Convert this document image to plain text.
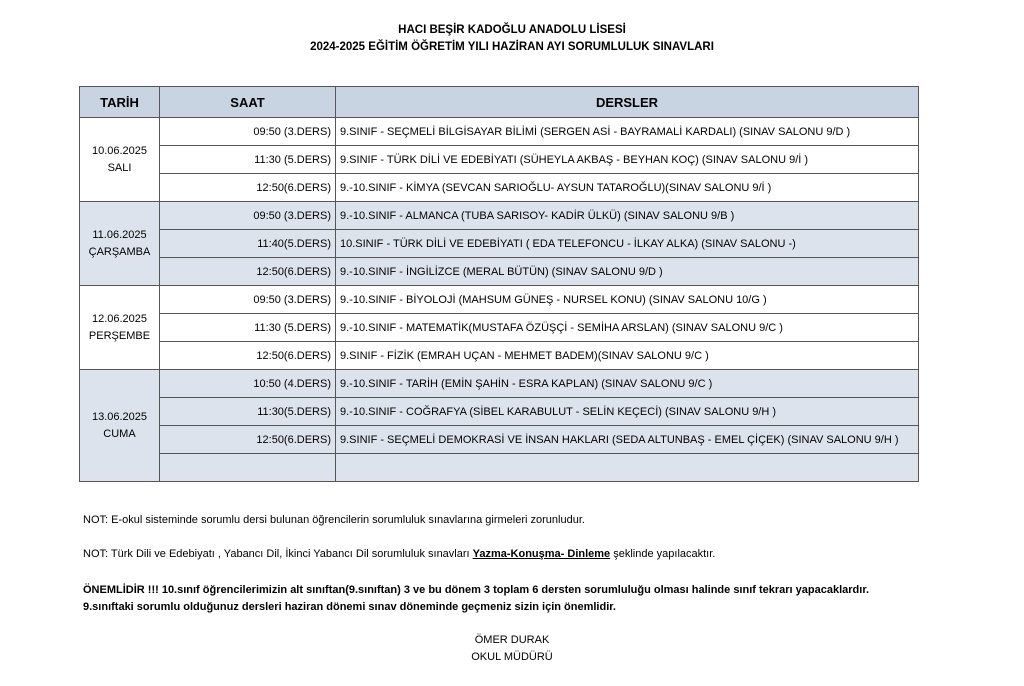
HACI BEŞİR KADOĞLU ANADOLU LİSESİ
2024-2025 EĞİTİM ÖĞRETİM YILI HAZİRAN AYI SORUMLULUK SINAVLARI
TARİH	SAAT	DERSLER
10.06.2025
SALI	09:50 (3.DERS)	9.SINIF - SEÇMELİ BİLGİSAYAR BİLİMİ (SERGEN ASİ - BAYRAMALİ KARDALI) (SINAV SALONU 9/D )
	11:30 (5.DERS)	9.SINIF - TÜRK DİLİ VE EDEBİYATI (SÜHEYLA AKBAŞ - BEYHAN KOÇ) (SINAV SALONU 9/İ )
	12:50(6.DERS)	9.-10.SINIF - KİMYA (SEVCAN SARIOĞLU- AYSUN TATAROĞLU)(SINAV SALONU 9/İ )
11.06.2025
ÇARŞAMBA	09:50 (3.DERS)	9.-10.SINIF - ALMANCA (TUBA SARISOY- KADİR ÜLKÜ) (SINAV SALONU 9/B )
	11:40(5.DERS)	10.SINIF - TÜRK DİLİ VE EDEBİYATI ( EDA TELEFONCU - İLKAY ALKA) (SINAV SALONU -)
	12:50(6.DERS)	9.-10.SINIF - İNGİLİZCE (MERAL BÜTÜN) (SINAV SALONU 9/D )
12.06.2025
PERŞEMBE	09:50 (3.DERS)	9.-10.SINIF - BİYOLOJİ (MAHSUM GÜNEŞ - NURSEL KONU) (SINAV SALONU 10/G )
	11:30 (5.DERS)	9.-10.SINIF - MATEMATİK(MUSTAFA ÖZÜŞÇİ - SEMİHA ARSLAN) (SINAV SALONU 9/C )
	12:50(6.DERS)	9.SINIF - FİZİK (EMRAH UÇAN - MEHMET BADEM)(SINAV SALONU 9/C )
13.06.2025
CUMA	10:50 (4.DERS)	9.-10.SINIF - TARİH (EMİN ŞAHİN - ESRA KAPLAN) (SINAV SALONU 9/C )
	11:30(5.DERS)	9.-10.SINIF - COĞRAFYA (SİBEL KARABULUT - SELİN KEÇECİ) (SINAV SALONU 9/H )
	12:50(6.DERS)	9.SINIF - SEÇMELİ DEMOKRASİ VE İNSAN HAKLARI (SEDA ALTUNBAŞ - EMEL ÇİÇEK) (SINAV SALONU 9/H )

NOT: E-okul sisteminde sorumlu dersi bulunan öğrencilerin sorumluluk sınavlarına girmeleri zorunludur.

NOT: Türk Dili ve Edebiyatı , Yabancı Dil, İkinci Yabancı Dil sorumluluk sınavları Yazma-Konuşma- Dinleme şeklinde yapılacaktır.

ÖNEMLİDİR !!! 10.sınıf öğrencilerimizin alt sınıftan(9.sınıftan) 3 ve bu dönem 3 toplam 6 dersten sorumluluğu olması halinde sınıf tekrarı yapacaklardır. 9.sınıftaki sorumlu olduğunuz dersleri haziran dönemi sınav döneminde geçmeniz sizin için önemlidir.

ÖMER DURAK
OKUL MÜDÜRÜ
